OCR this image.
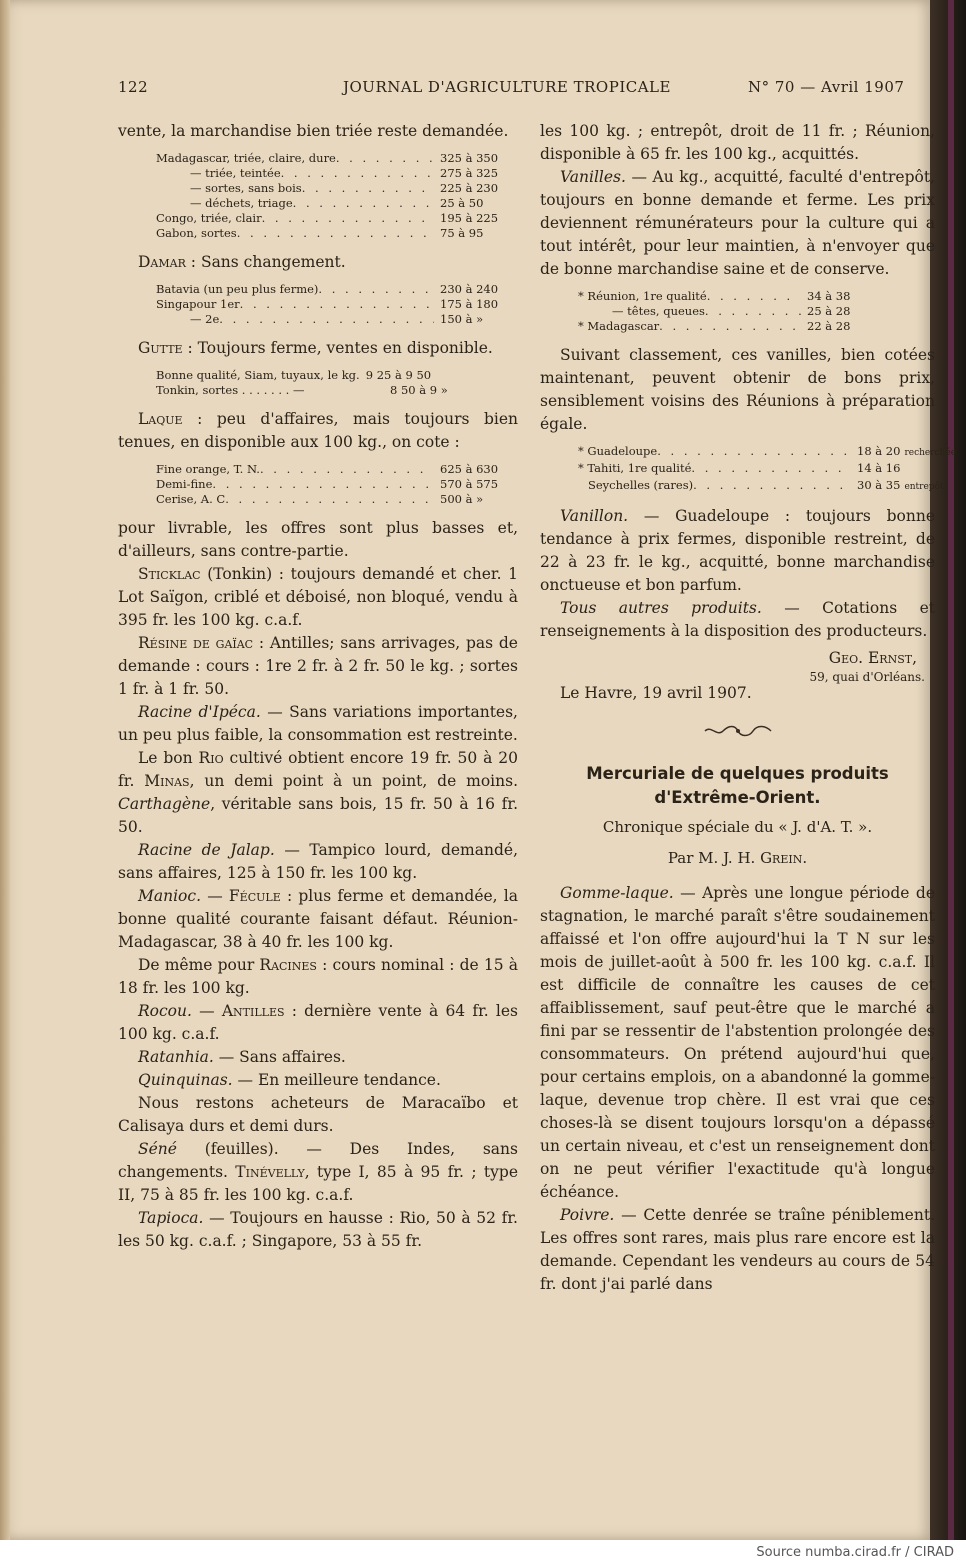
122	JOURNAL D'AGRICULTURE TROPICALE	N° 70 — Avril 1907

vente, la marchandise bien triée reste demandée.

Madagascar, triée, claire, dure . . .	325 à 350
— triée, teintée . . .	275 à 325
— sortes, sans bois . . .	225 à 230
— déchets, triage . . .	25 à 50
Congo, triée, clair . . .	195 à 225
Gabon, sortes . . .	75 à 95

Damar : Sans changement.

Batavia (un peu plus ferme) . . .	230 à 240
Singapour 1er . . .	175 à 180
— 2e . . .	150 à »

Gutte : Toujours ferme, ventes en disponible.

Bonne qualité, Siam, tuyaux, le kg. 9 25 à 9 50
Tonkin, sortes . . . . . . . —	8 50 à 9 »

Laque : peu d'affaires, mais toujours bien tenues, en disponible aux 100 kg., on cote :

Fine orange, T. N. . . .	625 à 630
Demi-fine . . .	570 à 575
Cerise, A. C . . .	500 à »

pour livrable, les offres sont plus basses et, d'ailleurs, sans contre-partie.

Sticklac (Tonkin) : toujours demandé et cher. 1 Lot Saïgon, criblé et déboisé, non bloqué, vendu à 395 fr. les 100 kg. c.a.f.

Résine de gaïac : Antilles; sans arrivages, pas de demande : cours : 1re 2 fr. à 2 fr. 50 le kg. ; sortes 1 fr. à 1 fr. 50.

Racine d'Ipéca. — Sans variations importantes, un peu plus faible, la consommation est restreinte.

Le bon Rio cultivé obtient encore 19 fr. 50 à 20 fr. Minas, un demi point à un point, de moins. Carthagène, véritable sans bois, 15 fr. 50 à 16 fr. 50.

Racine de Jalap. — Tampico lourd, demandé, sans affaires, 125 à 150 fr. les 100 kg.

Manioc. — Fécule : plus ferme et demandée, la bonne qualité courante faisant défaut. Réunion-Madagascar, 38 à 40 fr. les 100 kg.

De même pour Racines : cours nominal : de 15 à 18 fr. les 100 kg.

Rocou. — Antilles : dernière vente à 64 fr. les 100 kg. c.a.f.

Ratanhia. — Sans affaires.

Quinquinas. — En meilleure tendance.

Nous restons acheteurs de Maracaïbo et Calisaya durs et demi durs.

Séné (feuilles). — Des Indes, sans changements. Tinévelly, type I, 85 à 95 fr. ; type II, 75 à 85 fr. les 100 kg. c.a.f.

Tapioca. — Toujours en hausse : Rio, 50 à 52 fr. les 50 kg. c.a.f. ; Singapore, 53 à 55 fr.

les 100 kg. ; entrepôt, droit de 11 fr. ; Réunion, disponible à 65 fr. les 100 kg., acquittés.

Vanilles. — Au kg., acquitté, faculté d'entrepôt, toujours en bonne demande et ferme. Les prix deviennent rémunérateurs pour la culture qui a tout intérêt, pour leur maintien, à n'envoyer que de bonne marchandise saine et de conserve.

* Réunion, 1re qualité . . .	34 à 38
— têtes, queues . . .	25 à 28
* Madagascar . . .	22 à 28

Suivant classement, ces vanilles, bien cotées maintenant, peuvent obtenir de bons prix, sensiblement voisins des Réunions à préparation égale.

* Guadeloupe . . .	18 à 20 recherchée
* Tahiti, 1re qualité . . .	14 à 16
Seychelles (rares) . . .	30 à 35 entrepôt.

Vanillon. — Guadeloupe : toujours bonne tendance à prix fermes, disponible restreint, de 22 à 23 fr. le kg., acquitté, bonne marchandise onctueuse et bon parfum.

Tous autres produits. — Cotations et renseignements à la disposition des producteurs.

Geo. Ernst,
59, quai d'Orléans.
Le Havre, 19 avril 1907.
Mercuriale de quelques produits
d'Extrême-Orient.
Chronique spéciale du « J. d'A. T. ».
Par M. J. H. Grein.

Gomme-laque. — Après une longue période de stagnation, le marché paraît s'être soudainement affaissé et l'on offre aujourd'hui la T N sur les mois de juillet-août à 500 fr. les 100 kg. c.a.f. Il est difficile de connaître les causes de cet affaiblissement, sauf peut-être que le marché a fini par se ressentir de l'abstention prolongée des consommateurs. On prétend aujourd'hui que, pour certains emplois, on a abandonné la gomme-laque, devenue trop chère. Il est vrai que ces choses-là se disent toujours lorsqu'on a dépassé un certain niveau, et c'est un renseignement dont on ne peut vérifier l'exactitude qu'à longue échéance.

Poivre. — Cette denrée se traîne péniblement. Les offres sont rares, mais plus rare encore est la demande. Cependant les vendeurs au cours de 54 fr. dont j'ai parlé dans

Source numba.cirad.fr / CIRAD
